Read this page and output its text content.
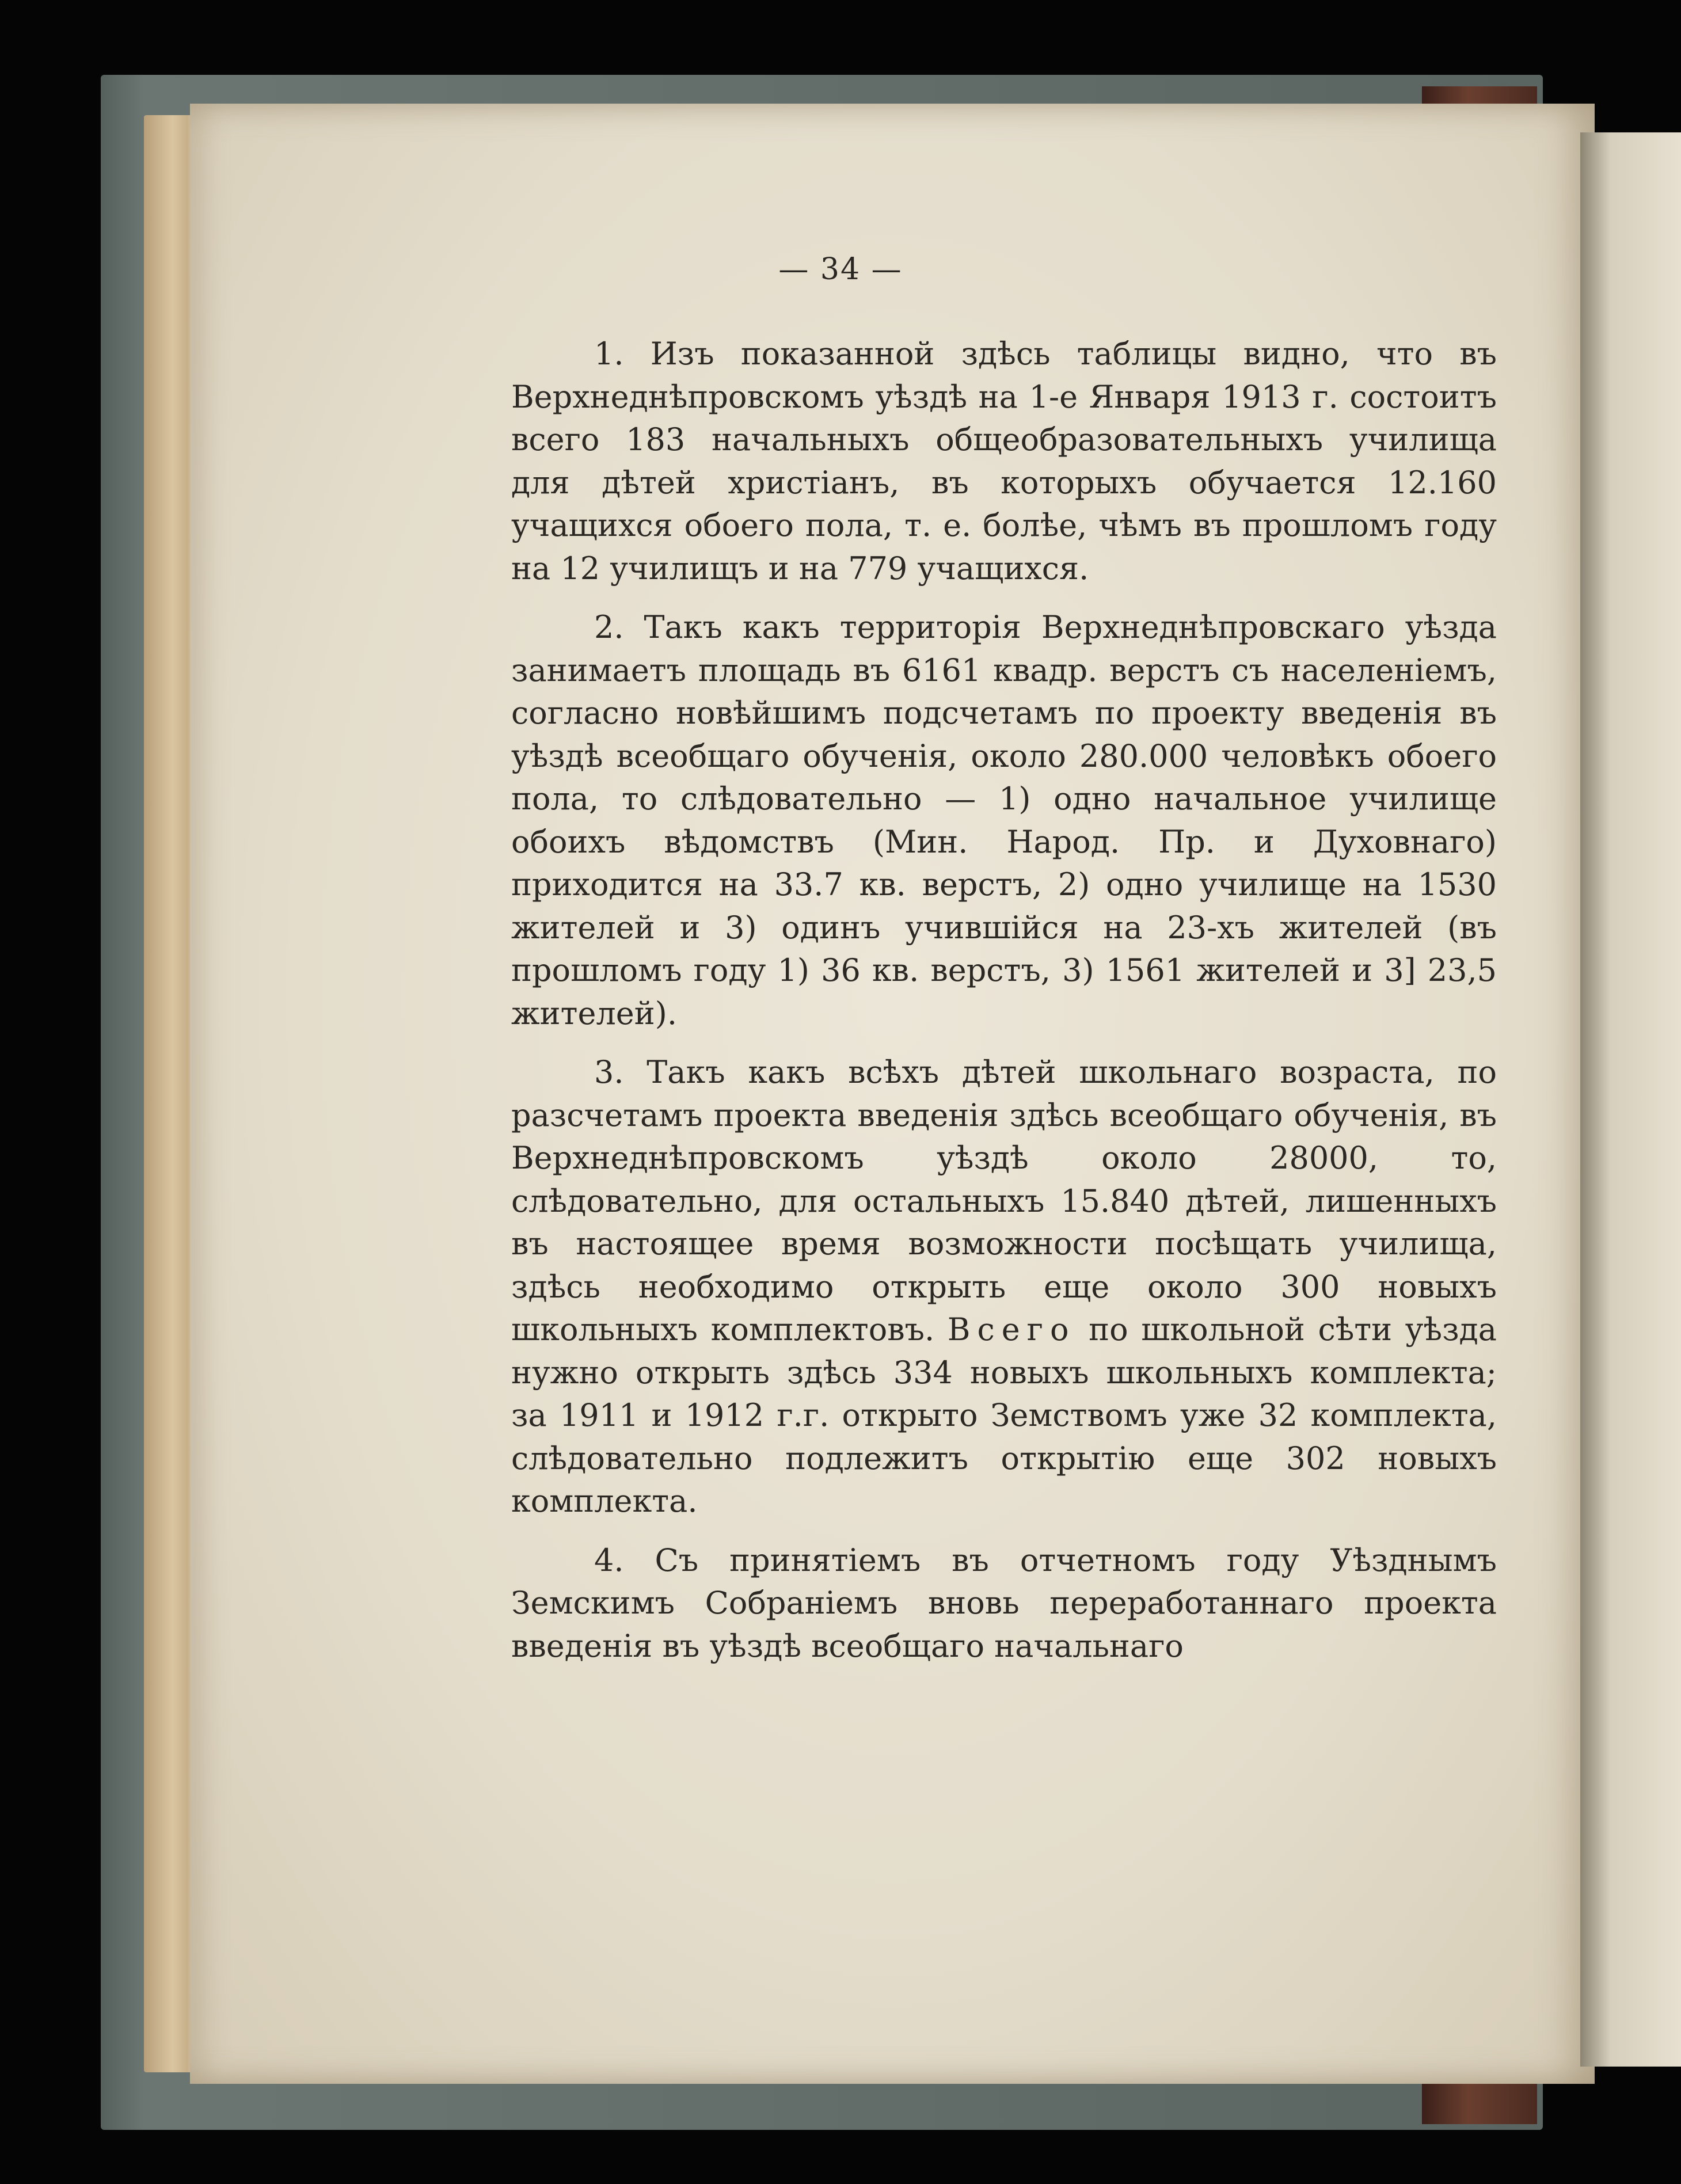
— 34 —

1. Изъ показанной здѣсь таблицы видно, что въ Верхнеднѣпровскомъ уѣздѣ на 1-е Января 1913 г. состоитъ всего 183 начальныхъ общеобразовательныхъ училища для дѣтей христіанъ, въ которыхъ обучается 12.160 учащихся обоего пола, т. е. болѣе, чѣмъ въ прошломъ году на 12 училищъ и на 779 учащихся.

2. Такъ какъ территорія Верхнеднѣпровскаго уѣзда занимаетъ площадь въ 6161 квадр. верстъ съ населеніемъ, согласно новѣйшимъ подсчетамъ по проекту введенія въ уѣздѣ всеобщаго обученія, около 280.000 человѣкъ обоего пола, то слѣдовательно — 1) одно начальное училище обоихъ вѣдомствъ (Мин. Народ. Пр. и Духовнаго) приходится на 33.7 кв. верстъ, 2) одно училище на 1530 жителей и 3) одинъ учившійся на 23-хъ жителей (въ прошломъ году 1) 36 кв. верстъ, 3) 1561 жителей и 3] 23,5 жителей).

3. Такъ какъ всѣхъ дѣтей школьнаго возраста, по разсчетамъ проекта введенія здѣсь всеобщаго обученія, въ Верхнеднѣпровскомъ уѣздѣ около 28000, то, слѣдовательно, для остальныхъ 15.840 дѣтей, лишенныхъ въ настоящее время возможности посѣщать училища, здѣсь необходимо открыть еще около 300 новыхъ школьныхъ комплектовъ. Всего по школьной сѣти уѣзда нужно открыть здѣсь 334 новыхъ школьныхъ комплекта; за 1911 и 1912 г.г. открыто Земствомъ уже 32 комплекта, слѣдовательно подлежитъ открытію еще 302 новыхъ комплекта.

4. Съ принятіемъ въ отчетномъ году Уѣзднымъ Земскимъ Собраніемъ вновь переработаннаго проекта введенія въ уѣздѣ всеобщаго начальнаго
